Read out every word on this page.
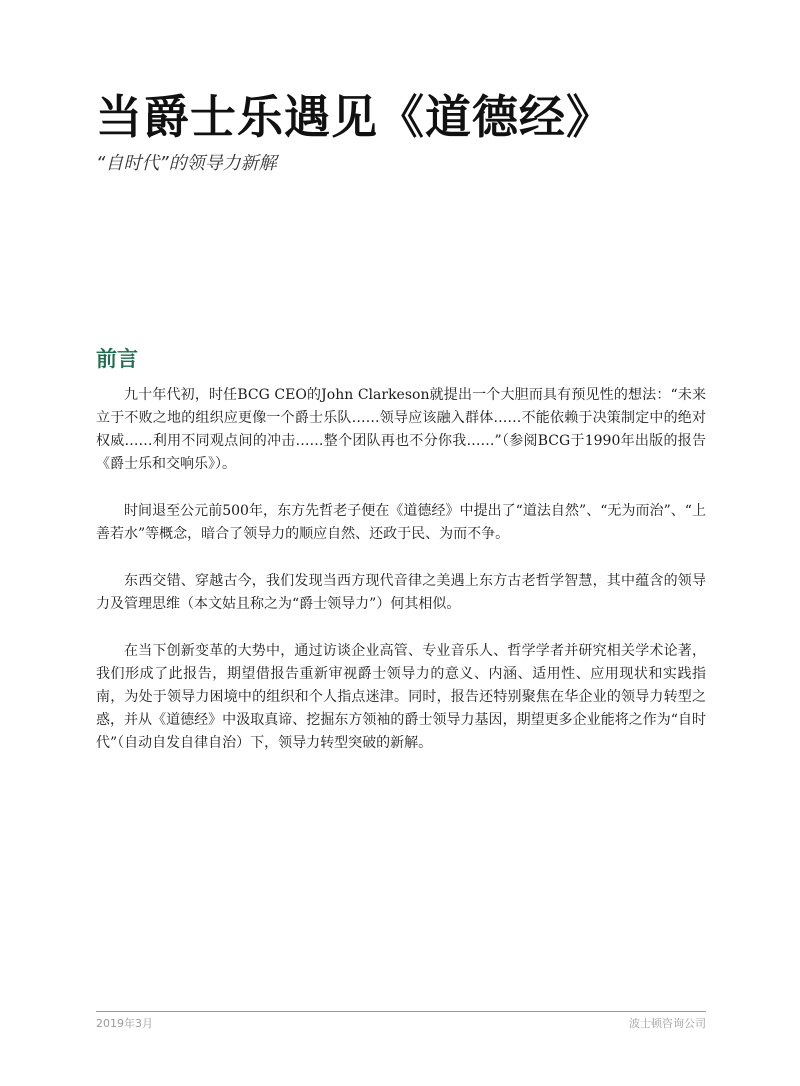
当爵士乐遇见《道德经》

“自时代”的领导力新解

前言

九十年代初，时任BCG CEO的John Clarkeson就提出一个大胆而具有预见性的想法：“未来立于不败之地的组织应更像一个爵士乐队……领导应该融入群体……不能依赖于决策制定中的绝对权威……利用不同观点间的冲击……整个团队再也不分你我……”（参阅BCG于1990年出版的报告《爵士乐和交响乐》）。

时间退至公元前500年，东方先哲老子便在《道德经》中提出了“道法自然”、“无为而治”、“上善若水”等概念，暗合了领导力的顺应自然、还政于民、为而不争。

东西交错、穿越古今，我们发现当西方现代音律之美遇上东方古老哲学智慧，其中蕴含的领导力及管理思维（本文姑且称之为“爵士领导力”）何其相似。

在当下创新变革的大势中，通过访谈企业高管、专业音乐人、哲学学者并研究相关学术论著，我们形成了此报告，期望借报告重新审视爵士领导力的意义、内涵、适用性、应用现状和实践指南，为处于领导力困境中的组织和个人指点迷津。同时，报告还特别聚焦在华企业的领导力转型之惑，并从《道德经》中汲取真谛、挖掘东方领袖的爵士领导力基因，期望更多企业能将之作为“自时代”（自动自发自律自治）下，领导力转型突破的新解。

2019年3月	波士顿咨询公司
